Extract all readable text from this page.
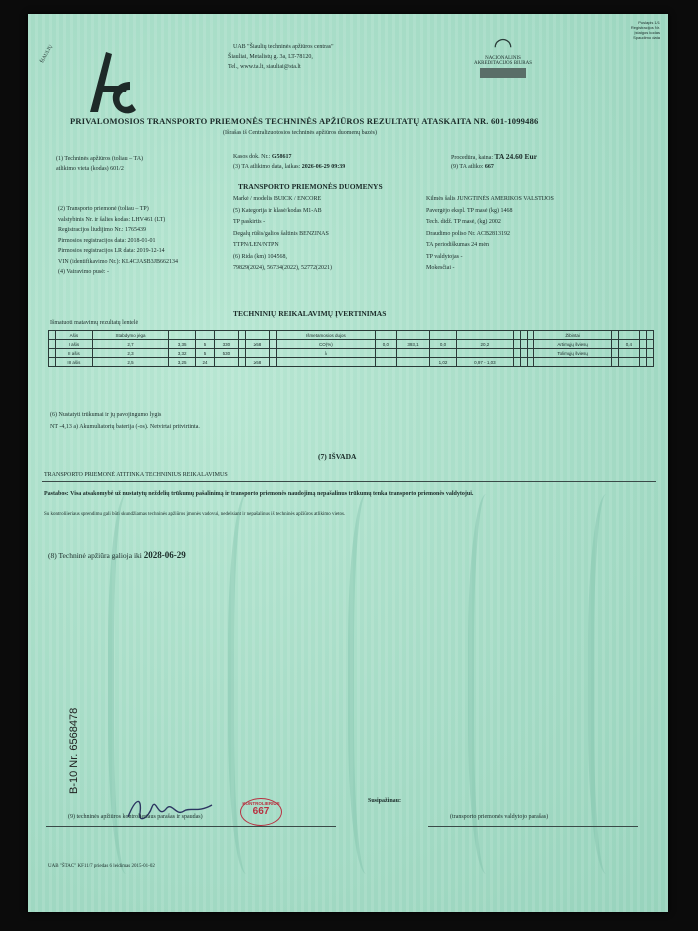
Puslapis 1/1
Registracijos Nr.
Įstaigos kodas
Spaudimo data
ŠIAULIŲ	UAB "Šiaulių techninės apžiūros centras"
Šiauliai, Metalistų g. 3a, LT-78120,
Tel., www.ta.lt, siauliai@sta.lt
◠
NACIONALINIS AKREDITACIJOS BIURAS
PRIVALOMOSIOS TRANSPORTO PRIEMONĖS TECHNINĖS APŽIŪROS REZULTATŲ ATASKAITA NR. 601-1099486
(Išrašas iš Centralizuotosios techninės apžiūros duomenų bazės)
(1) Techninės apžiūros (toliau – TA)
atlikimo vieta (kodas) 601/2
Kasos dok. Nr.: G58617
(3) TA atlikimo data, laikas: 2026-06-29 09:39
Procedūra, kaina: TA 24.60 Eur
(9) TA atliko: 667
TRANSPORTO PRIEMONĖS DUOMENYS
(2) Transporto priemonė (toliau – TP)
valstybinis Nr. ir šalies kodas: LHV461 (LT)
Registracijos liudijimo Nr.: 1765439
Pirmosios registracijos data: 2018-01-01
Pirmosios registracijos LR data: 2019-12-14
VIN (identifikavimo Nr.): KL4CJASB3JB662134
(4) Vairavimo pusė: -
Markė / modelis BUICK / ENCORE
(5) Kategorija ir klasė/kodas M1-AB
TP paskirtis -
Degalų rūšis/galios šaltinis BENZINAS
TTPN/LEN/NTPN
(6) Rida (km) 104568,
79829(2024), 56734(2022), 52772(2021)
Kilmės šalis JUNGTINĖS AMERIKOS VALSTIJOS
Pavergėjo ekspl. TP masė (kg) 1468
Tech. didž. TP masė, (kg) 2002
Draudimo poliso Nr. ACB2813192
TA periodiškumas 24 mėn
TP valdytojas -
Mokesčiai -
TECHNINIŲ REIKALAVIMŲ ĮVERTINIMAS
Išmatuoti matavimų rezultatų lentelė
	Ašis	Stabdymo jėga							Išmetamosios dujos								Žibintai				
	I ašis	2,7	3,35	5	330		≥58		CO(%)	0,0	393,1	0,0	20,2				Artimųjų šviesų		0,4		
	II ašis	2,3	3,32	5	530				λ								Tolimųjų šviesų				
	III ašis	2,5	3,25	24			≥58					1,02	0,97 - 1,03								
(6) Nustatyti trūkumai ir jų pavojingumo lygis
NT -4,13 a) Akumuliatorių baterija (-os). Netvirtai pritvirtinta.
(7) IŠVADA
TRANSPORTO PRIEMONĖ ATITINKA TECHNINIUS REIKALAVIMUS
Pastabos: Visa atsakomybė už nustatytų neždelių trūkumų pašalinimą ir transporto priemonės naudojimą nepašalinus trūkumų tenka transporto priemonės valdytojui.
Su kontroliieriaus sprendimu gali būti skundžiamas techninės apžiūros įmonės vadovui, nedelsiant ir nepašalinus iš techninės apžiūros atlikimo vietos.
(8) Techninė apžiūra galioja iki 2028-06-29
B-10 Nr. 6568478
KONTROLIERIUS
667
(9) techninės apžiūros kontrolieriaus parašas ir spaudas)
Susipažinau:
(transporto priemonės valdytojo parašas)
UAB "ŠTAC" KF11/7 priedas 6 leidimas 2015-01-02
